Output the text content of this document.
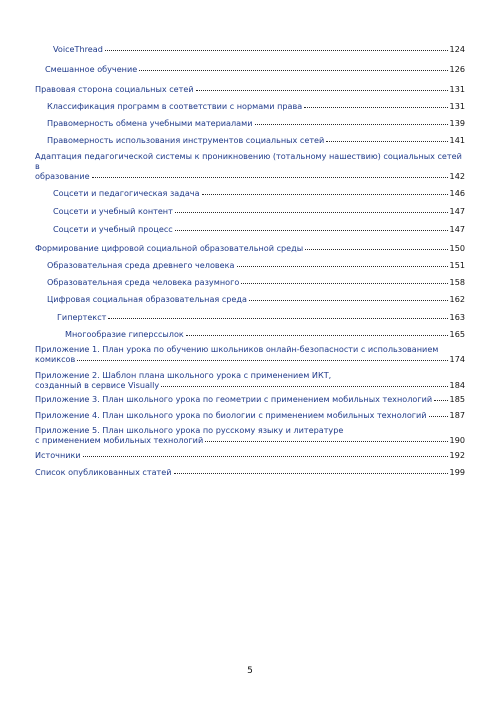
VoiceThread	124
Смешанное обучение	126
Правовая сторона социальных сетей	131
Классификация программ в соответствии с нормами права	131
Правомерность обмена учебными материалами	139
Правомерность использования инструментов социальных сетей	141
Адаптация педагогической системы к проникновению (тотальному нашествию) социальных сетей в
образование	142
Соцсети и педагогическая задача	146
Соцсети и учебный контент	147
Соцсети и учебный процесс	147
Формирование цифровой социальной образовательной среды	150
Образовательная среда древнего человека	151
Образовательная среда человека разумного	158
Цифровая социальная образовательная среда	162
Гипертекст	163
Многообразие гиперссылок	165
Приложение 1. План урока по обучению школьников онлайн-безопасности с использованием
комиксов	174
Приложение 2. Шаблон плана школьного урока с применением ИКТ,
созданный в сервисе Visually	184
Приложение 3. План школьного урока по геометрии с применением мобильных технологий 185
Приложение 4. План школьного урока по биологии с применением мобильных технологий	187
Приложение 5. План школьного урока по русскому языку и литературе
с применением мобильных технологий	190
Источники	192
Список опубликованных статей	199
5
